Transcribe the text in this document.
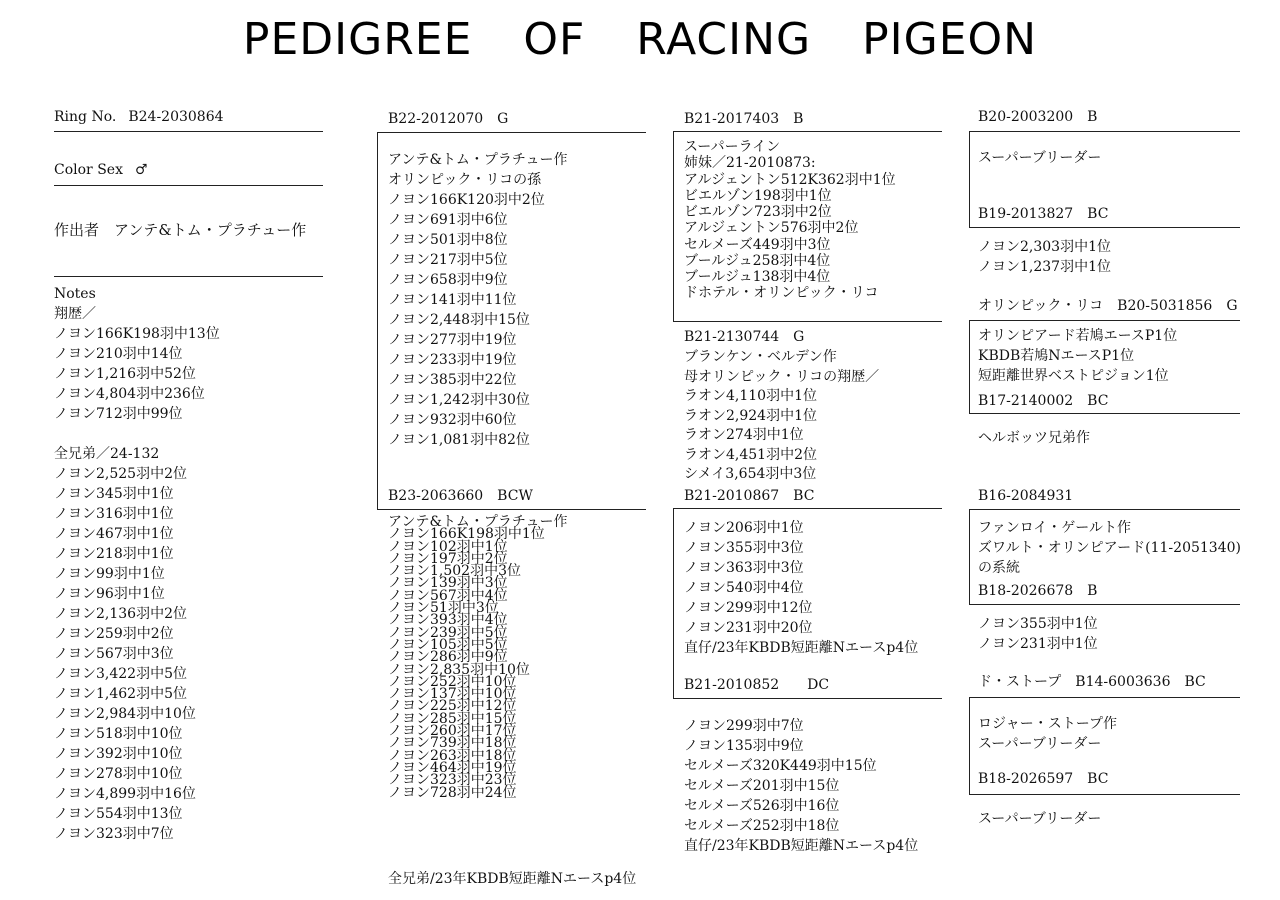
PEDIGREE OF RACING PIGEON
Ring No. B24-2030864
Color Sex ♂
作出者　アンテ&トム・プラチュー作
Notes
翔歴／
ノヨン166K198羽中13位
ノヨン210羽中14位
ノヨン1,216羽中52位
ノヨン4,804羽中236位
ノヨン712羽中99位
全兄弟／24-132
ノヨン2,525羽中2位
ノヨン345羽中1位
ノヨン316羽中1位
ノヨン467羽中1位
ノヨン218羽中1位
ノヨン99羽中1位
ノヨン96羽中1位
ノヨン2,136羽中2位
ノヨン259羽中2位
ノヨン567羽中3位
ノヨン3,422羽中5位
ノヨン1,462羽中5位
ノヨン2,984羽中10位
ノヨン518羽中10位
ノヨン392羽中10位
ノヨン278羽中10位
ノヨン4,899羽中16位
ノヨン554羽中13位
ノヨン323羽中7位
B22-2012070　G
アンテ&トム・プラチュー作
オリンピック・リコの孫
ノヨン166K120羽中2位
ノヨン691羽中6位
ノヨン501羽中8位
ノヨン217羽中5位
ノヨン658羽中9位
ノヨン141羽中11位
ノヨン2,448羽中15位
ノヨン277羽中19位
ノヨン233羽中19位
ノヨン385羽中22位
ノヨン1,242羽中30位
ノヨン932羽中60位
ノヨン1,081羽中82位
B23-2063660　BCW
アンテ&トム・プラチュー作
ノヨン166K198羽中1位
ノヨン102羽中1位
ノヨン197羽中2位
ノヨン1,502羽中3位
ノヨン139羽中3位
ノヨン567羽中4位
ノヨン51羽中3位
ノヨン393羽中4位
ノヨン239羽中5位
ノヨン105羽中5位
ノヨン286羽中9位
ノヨン2,835羽中10位
ノヨン252羽中10位
ノヨン137羽中10位
ノヨン225羽中12位
ノヨン285羽中15位
ノヨン260羽中17位
ノヨン739羽中18位
ノヨン263羽中18位
ノヨン464羽中19位
ノヨン323羽中23位
ノヨン728羽中24位
全兄弟/23年KBDB短距離Nエースp4位
B21-2017403　B
スーパーライン
姉妹／21-2010873:
アルジェントン512K362羽中1位
ビエルゾン198羽中1位
ビエルゾン723羽中2位
アルジェントン576羽中2位
セルメーズ449羽中3位
ブールジュ258羽中4位
ブールジュ138羽中4位
ドホテル・オリンピック・リコ
B21-2130744　G
ブランケン・ベルデン作
母オリンピック・リコの翔歴／
ラオン4,110羽中1位
ラオン2,924羽中1位
ラオン274羽中1位
ラオン4,451羽中2位
シメイ3,654羽中3位
B21-2010867　BC
ノヨン206羽中1位
ノヨン355羽中3位
ノヨン363羽中3位
ノヨン540羽中4位
ノヨン299羽中12位
ノヨン231羽中20位
直仔/23年KBDB短距離Nエースp4位
B21-2010852　　DC
ノヨン299羽中7位
ノヨン135羽中9位
セルメーズ320K449羽中15位
セルメーズ201羽中15位
セルメーズ526羽中16位
セルメーズ252羽中18位
直仔/23年KBDB短距離Nエースp4位
B20-2003200　B
スーパーブリーダー
B19-2013827　BC
ノヨン2,303羽中1位
ノヨン1,237羽中1位
オリンピック・リコ　B20-5031856　G
オリンピアード若鳩エースP1位
KBDB若鳩NエースP1位
短距離世界ベストピジョン1位
B17-2140002　BC
ヘルボッツ兄弟作
B16-2084931
ファンロイ・ゲールト作
ズワルト・オリンピアード(11-2051340)
の系統
B18-2026678　B
ノヨン355羽中1位
ノヨン231羽中1位
ド・ストープ　B14-6003636　BC
ロジャー・ストープ作
スーパーブリーダー
B18-2026597　BC
スーパーブリーダー
